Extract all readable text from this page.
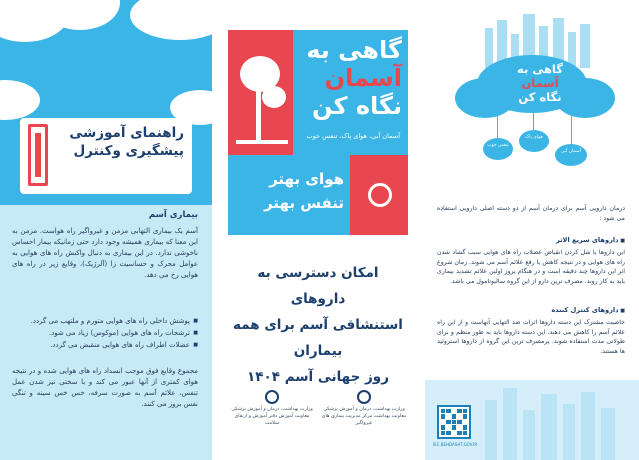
راهنمای آموزشی پیشگیری وکنترل
بیماری آسم
آسم یک بیماری التهابی مزمن و غیرواگیر راه هواست. مزمن به این معنا که بیماری همیشه وجود دارد حتی زمانیکه بیمار احساس ناخوشی ندارد. در این بیماری به دنبال واکنش راه های هوایی به عوامل محرک و حساسیت زا (آلرژیک)، وقایع زیر در راه های هوایی رخ می دهد.
■ پوشش داخلی راه های هوایی متورم و ملتهب می گردد.
■ ترشحات راه های هوایی (موکوس) زیاد می شود.
■ عضلات اطراف راه های هوایی منقبض می گردد.
مجموع وقایع فوق موجب انسداد راه های هوایی شده و در نتیجه هوای کمتری از آنها عبور می کند و با سختی نیز شدن عمل تنفس، علائم آسم به صورت سرفه، خس خس سینه و تنگی نفس بروز می کنند.
گاهی به
آسمان
نگاه کن
آسمان آبی، هوای پاک، تنفس خوب
هوای بهتر
تنفس بهتر
امکان دسترسی به داروهای
استنشاقی آسم برای همه
بیماران
روز جهانی آسم ۱۴۰۴
وزارت بهداشت، درمان و آموزش پزشکی معاونت بهداشت مرکز مدیریت بیماری های غیرواگیر
وزارت بهداشت، درمان و آموزش پزشکی معاونت آموزش دفتر آموزش و ارتقای سلامت
گاهی به
آسمان
نگاه کن
تنفس خوب
هوای پاک
آسمان آبی
درمان دارویی آسم برای درمان آسم از دو دسته اصلی دارویی استفاده می شود :
■ داروهای سریع الاثر
این داروها با شل کردن انقباض عضلات راه های هوایی سبب گشاد شدن راه های هوایی و در نتیجه کاهش یا رفع علائم آسم می شوند. زمان شروع اثر این داروها چند دقیقه است و در هنگام بروز اولین علائم تشدید بیماری باید به کار روند. مصرف ترین دارو از این گروه سالبوتامول می باشد.
■ داروهای کنترل کننده
خاصیت مشترک این دسته داروها اثرات ضد التهابی آنهاست و از این راه علائم آسم را کاهش می دهند. این دسته داروها باید به طور منظم و برای طولانی مدت استفاده شوند. پرمصرف ترین این گروه از داروها استروئید ها هستند.
IEC.BEHDASHT.GOV.IR
